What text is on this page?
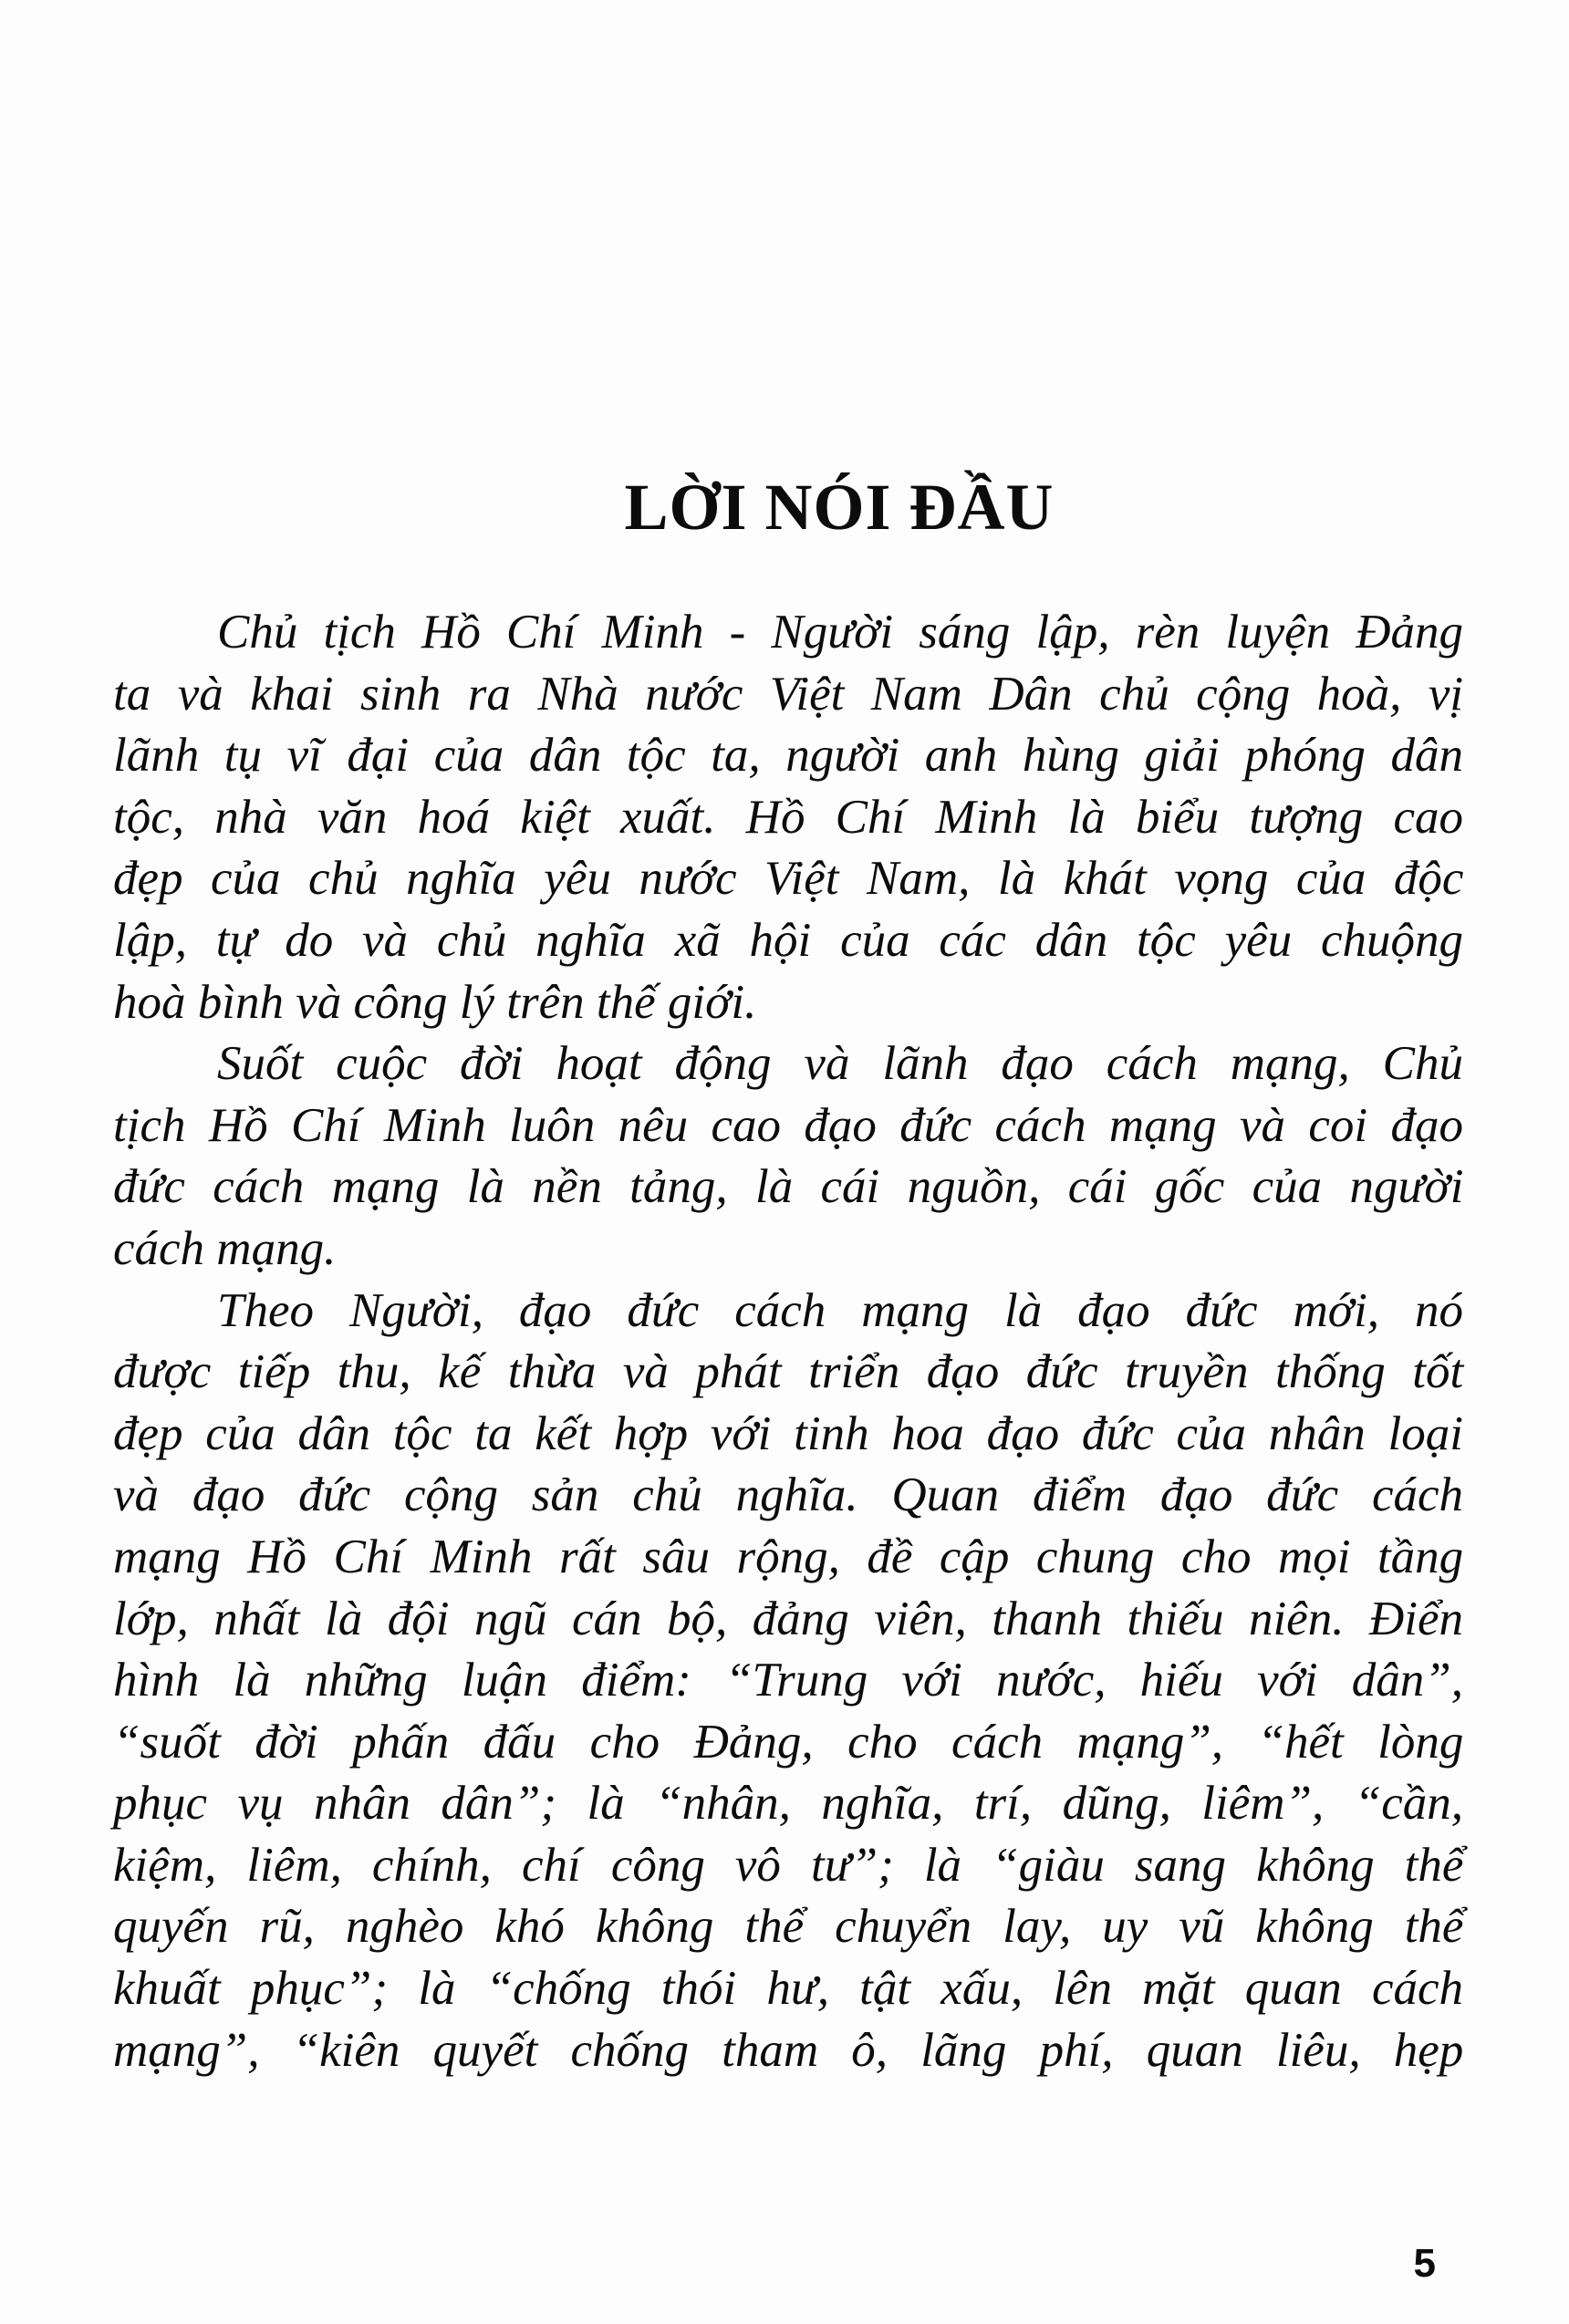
LỜI NÓI ĐẦU
Chủ tịch Hồ Chí Minh - Người sáng lập, rèn luyện Đảng
ta và khai sinh ra Nhà nước Việt Nam Dân chủ cộng hoà, vị
lãnh tụ vĩ đại của dân tộc ta, người anh hùng giải phóng dân
tộc, nhà văn hoá kiệt xuất. Hồ Chí Minh là biểu tượng cao
đẹp của chủ nghĩa yêu nước Việt Nam, là khát vọng của độc
lập, tự do và chủ nghĩa xã hội của các dân tộc yêu chuộng
hoà bình và công lý trên thế giới.
Suốt cuộc đời hoạt động và lãnh đạo cách mạng, Chủ
tịch Hồ Chí Minh luôn nêu cao đạo đức cách mạng và coi đạo
đức cách mạng là nền tảng, là cái nguồn, cái gốc của người
cách mạng.
Theo Người, đạo đức cách mạng là đạo đức mới, nó
được tiếp thu, kế thừa và phát triển đạo đức truyền thống tốt
đẹp của dân tộc ta kết hợp với tinh hoa đạo đức của nhân loại
và đạo đức cộng sản chủ nghĩa. Quan điểm đạo đức cách
mạng Hồ Chí Minh rất sâu rộng, đề cập chung cho mọi tầng
lớp, nhất là đội ngũ cán bộ, đảng viên, thanh thiếu niên. Điển
hình là những luận điểm: “Trung với nước, hiếu với dân”,
“suốt đời phấn đấu cho Đảng, cho cách mạng”, “hết lòng
phục vụ nhân dân”; là “nhân, nghĩa, trí, dũng, liêm”, “cần,
kiệm, liêm, chính, chí công vô tư”; là “giàu sang không thể
quyến rũ, nghèo khó không thể chuyển lay, uy vũ không thể
khuất phục”; là “chống thói hư, tật xấu, lên mặt quan cách
mạng”, “kiên quyết chống tham ô, lãng phí, quan liêu, hẹp
5
